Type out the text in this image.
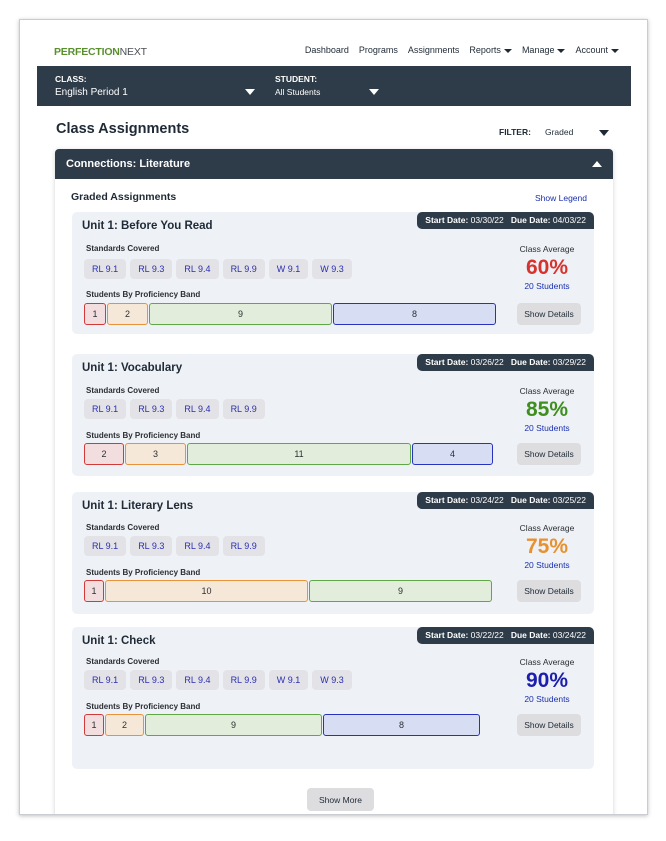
PERFECTIONNEXT	Dashboard Programs Assignments Reports	Manage	Account
CLASS:
English Period 1
STUDENT:
All Students
Class Assignments	FILTER: Graded
Connections: Literature
Graded Assignments	Show Legend
Start Date: 03/30/22 Due Date: 04/03/22
Unit 1: Before You Read
Standards Covered
RL 9.1	RL 9.3	RL 9.4	RL 9.9	W 9.1	W 9.3
Students By Proficiency Band
1	2	9	8
Class Average
60%
20 Students
Show Details
Start Date: 03/26/22 Due Date: 03/29/22
Unit 1: Vocabulary
Standards Covered
RL 9.1	RL 9.3	RL 9.4	RL 9.9
Students By Proficiency Band
2	3	11	4
Class Average
85%
20 Students
Show Details
Start Date: 03/24/22 Due Date: 03/25/22
Unit 1: Literary Lens
Standards Covered
RL 9.1	RL 9.3	RL 9.4	RL 9.9
Students By Proficiency Band
1	10	9
Class Average
75%
20 Students
Show Details
Start Date: 03/22/22 Due Date: 03/24/22
Unit 1: Check
Standards Covered
RL 9.1	RL 9.3	RL 9.4	RL 9.9	W 9.1	W 9.3
Students By Proficiency Band
1	2	9	8
Class Average
90%
20 Students
Show Details
Show More
